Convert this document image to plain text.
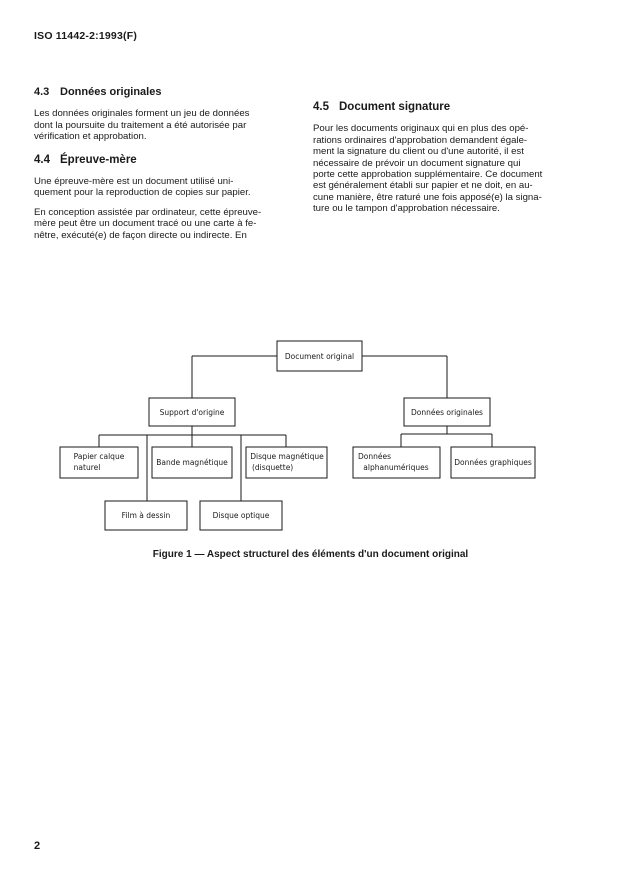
ISO 11442-2:1993(F)
4.3 Données originales

Les données originales forment un jeu de données

dont la poursuite du traitement a été autorisée par

vérification et approbation.

4.4 Épreuve-mère

Une épreuve-mère est un document utilisé uni-

quement pour la reproduction de copies sur papier.

En conception assistée par ordinateur, cette épreuve-

mère peut être un document tracé ou une carte à fe-

nêtre, exécuté(e) de façon directe ou indirecte. En

4.5 Document signature

Pour les documents originaux qui en plus des opé-

rations ordinaires d'approbation demandent égale-

ment la signature du client ou d'une autorité, il est

nécessaire de prévoir un document signature qui

porte cette approbation supplémentaire. Ce document

est généralement établi sur papier et ne doit, en au-

cune manière, être raturé une fois apposé(e) la signa-

ture ou le tampon d'approbation nécessaire.

Document original
Support d'origine	Données originales
Papier calque
naturel
Bande magnétique
Disque magnétique
(disquette)
Film à dessin	Disque optique
Données
alphanumériques
Données graphiques
Figure 1 — Aspect structurel des éléments d'un document original
2
